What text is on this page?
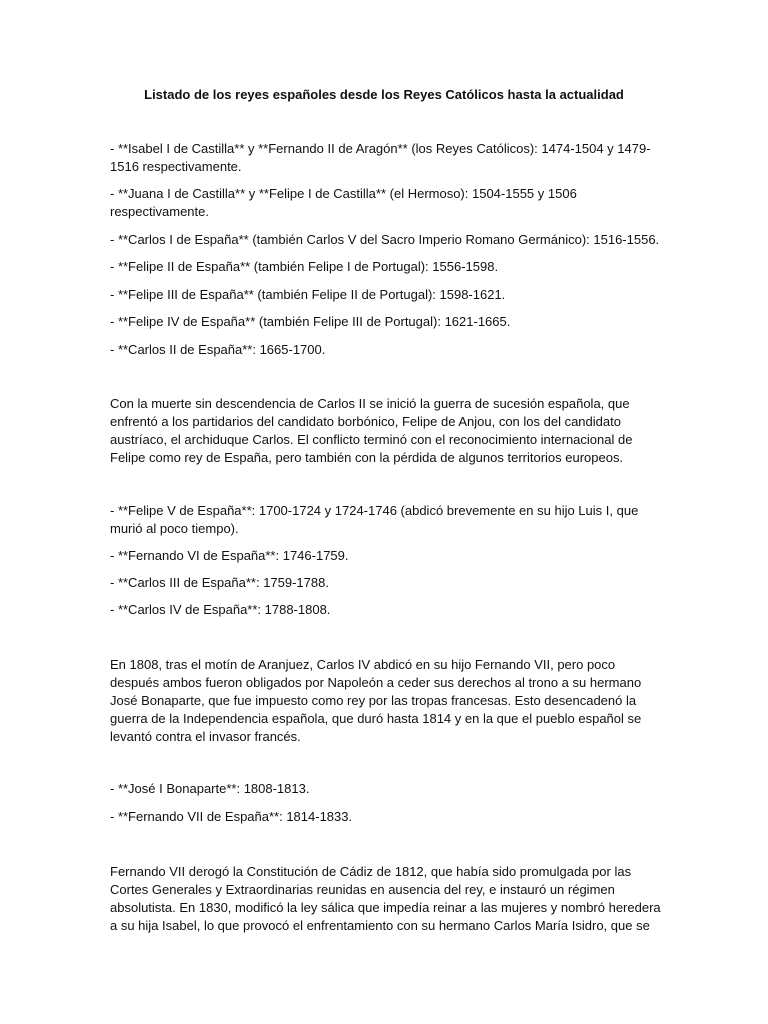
Listado de los reyes españoles desde los Reyes Católicos hasta la actualidad

- **Isabel I de Castilla** y **Fernando II de Aragón** (los Reyes Católicos): 1474-1504 y 1479-1516 respectivamente.

- **Juana I de Castilla** y **Felipe I de Castilla** (el Hermoso): 1504-1555 y 1506 respectivamente.

- **Carlos I de España** (también Carlos V del Sacro Imperio Romano Germánico): 1516-1556.

- **Felipe II de España** (también Felipe I de Portugal): 1556-1598.

- **Felipe III de España** (también Felipe II de Portugal): 1598-1621.

- **Felipe IV de España** (también Felipe III de Portugal): 1621-1665.

- **Carlos II de España**: 1665-1700.

Con la muerte sin descendencia de Carlos II se inició la guerra de sucesión española, que enfrentó a los partidarios del candidato borbónico, Felipe de Anjou, con los del candidato austríaco, el archiduque Carlos. El conflicto terminó con el reconocimiento internacional de Felipe como rey de España, pero también con la pérdida de algunos territorios europeos.

- **Felipe V de España**: 1700-1724 y 1724-1746 (abdicó brevemente en su hijo Luis I, que murió al poco tiempo).

- **Fernando VI de España**: 1746-1759.

- **Carlos III de España**: 1759-1788.

- **Carlos IV de España**: 1788-1808.

En 1808, tras el motín de Aranjuez, Carlos IV abdicó en su hijo Fernando VII, pero poco después ambos fueron obligados por Napoleón a ceder sus derechos al trono a su hermano José Bonaparte, que fue impuesto como rey por las tropas francesas. Esto desencadenó la guerra de la Independencia española, que duró hasta 1814 y en la que el pueblo español se levantó contra el invasor francés.

- **José I Bonaparte**: 1808-1813.

- **Fernando VII de España**: 1814-1833.

Fernando VII derogó la Constitución de Cádiz de 1812, que había sido promulgada por las Cortes Generales y Extraordinarias reunidas en ausencia del rey, e instauró un régimen absolutista. En 1830, modificó la ley sálica que impedía reinar a las mujeres y nombró heredera a su hija Isabel, lo que provocó el enfrentamiento con su hermano Carlos María Isidro, que se
